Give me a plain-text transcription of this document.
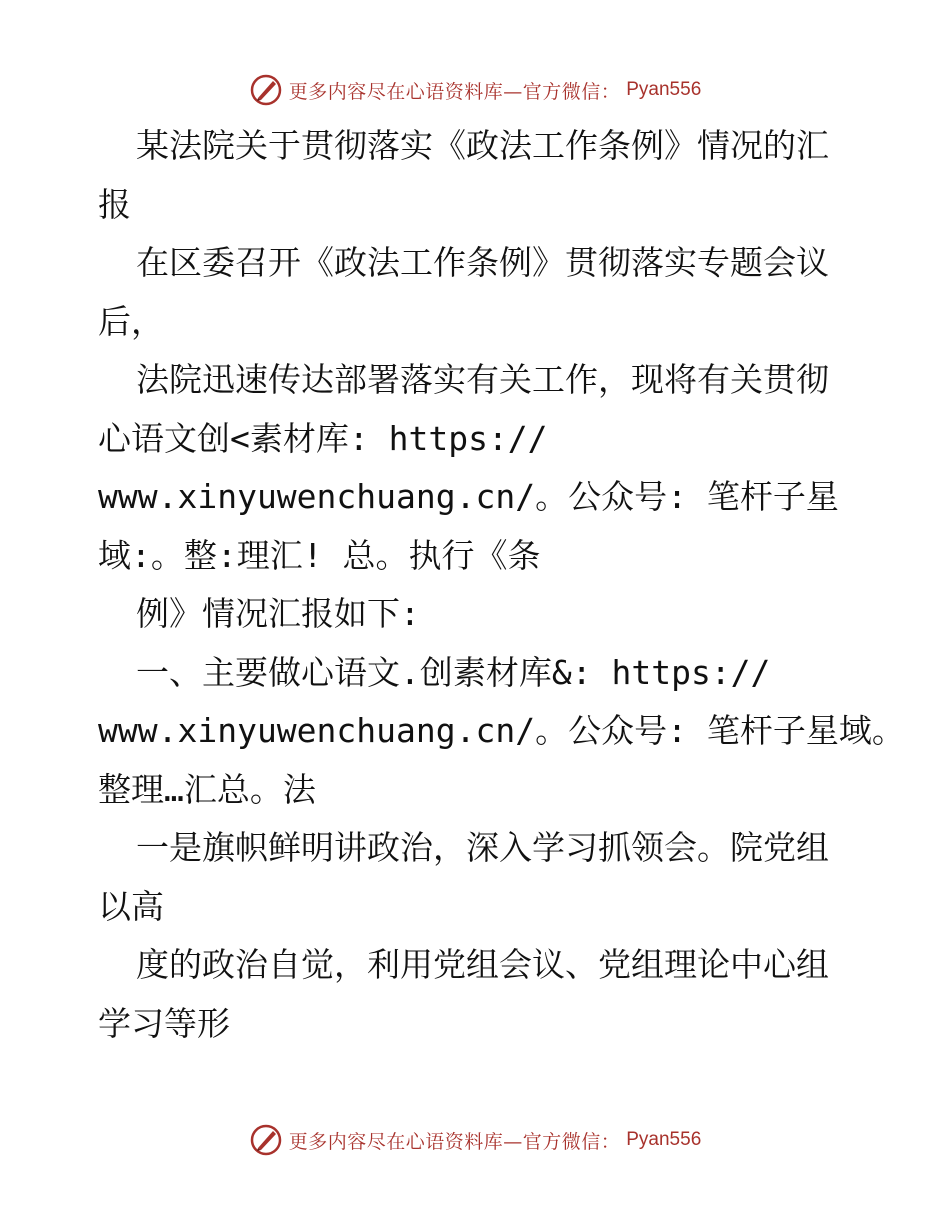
更多内容尽在心语资料库—官方微信： Pyan556
某法院关于贯彻落实《政法工作条例》情况的汇
报
在区委召开《政法工作条例》贯彻落实专题会议
后，
法院迅速传达部署落实有关工作，现将有关贯彻
心语文创<素材库: https://
www.xinyuwenchuang.cn/。公众号: 笔杆子星
域:。整:理汇! 总。执行《条
例》情况汇报如下:
一、主要做心语文.创素材库&: https://
www.xinyuwenchuang.cn/。公众号: 笔杆子星域。
整理…汇总。法
一是旗帜鲜明讲政治，深入学习抓领会。院党组
以高
度的政治自觉，利用党组会议、党组理论中心组
学习等形
更多内容尽在心语资料库—官方微信： Pyan556
